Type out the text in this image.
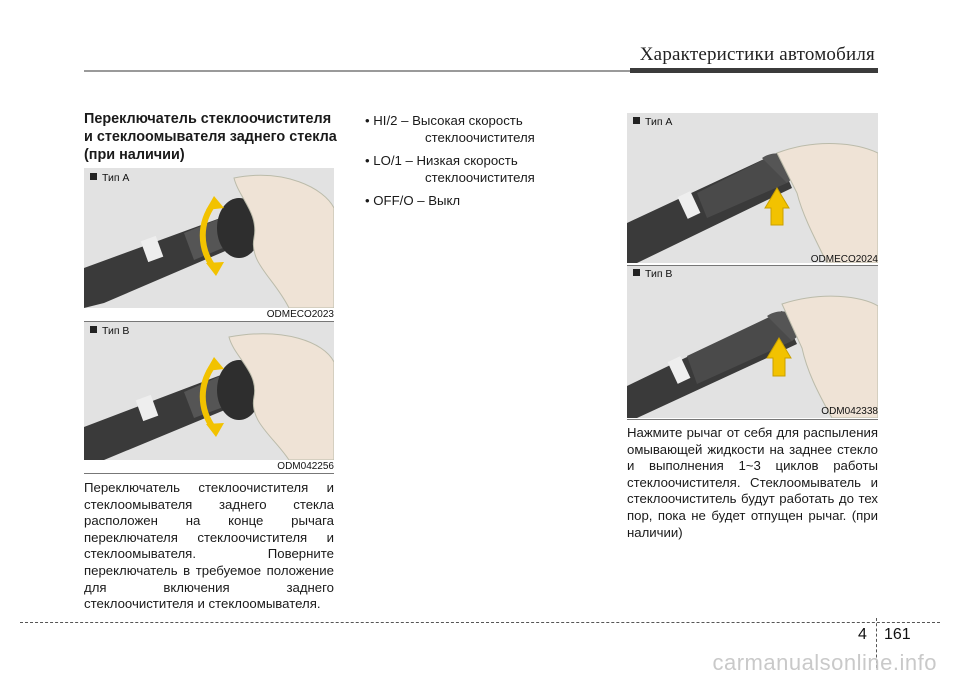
Характеристики автомобиля
Переключатель стеклоочистителя и стеклоомывателя заднего стекла (при наличии)
Тип A
ODMECO2023
Тип B
ODM042256
Переключатель стеклоочистителя и стеклоомывателя заднего стекла расположен на конце рычага переключателя стеклоочистителя и стеклоомывателя. Поверните переключатель в требуемое положение для включения заднего стеклоочистителя и стеклоомывателя.
• HI/2 – Высокая скорость
стеклоочистителя
• LO/1 – Низкая скорость
стеклоочистителя
• OFF/O – Выкл
Тип A
ODMECO2024
Тип B
ODM042338
Нажмите рычаг от себя для распыления омывающей жидкости на заднее стекло и выполнения 1~3 циклов работы стеклоочистителя. Стеклоомыватель и стеклоочиститель будут работать до тех пор, пока не будет отпущен рычаг. (при наличии)
4 161
carmanualsonline.info
